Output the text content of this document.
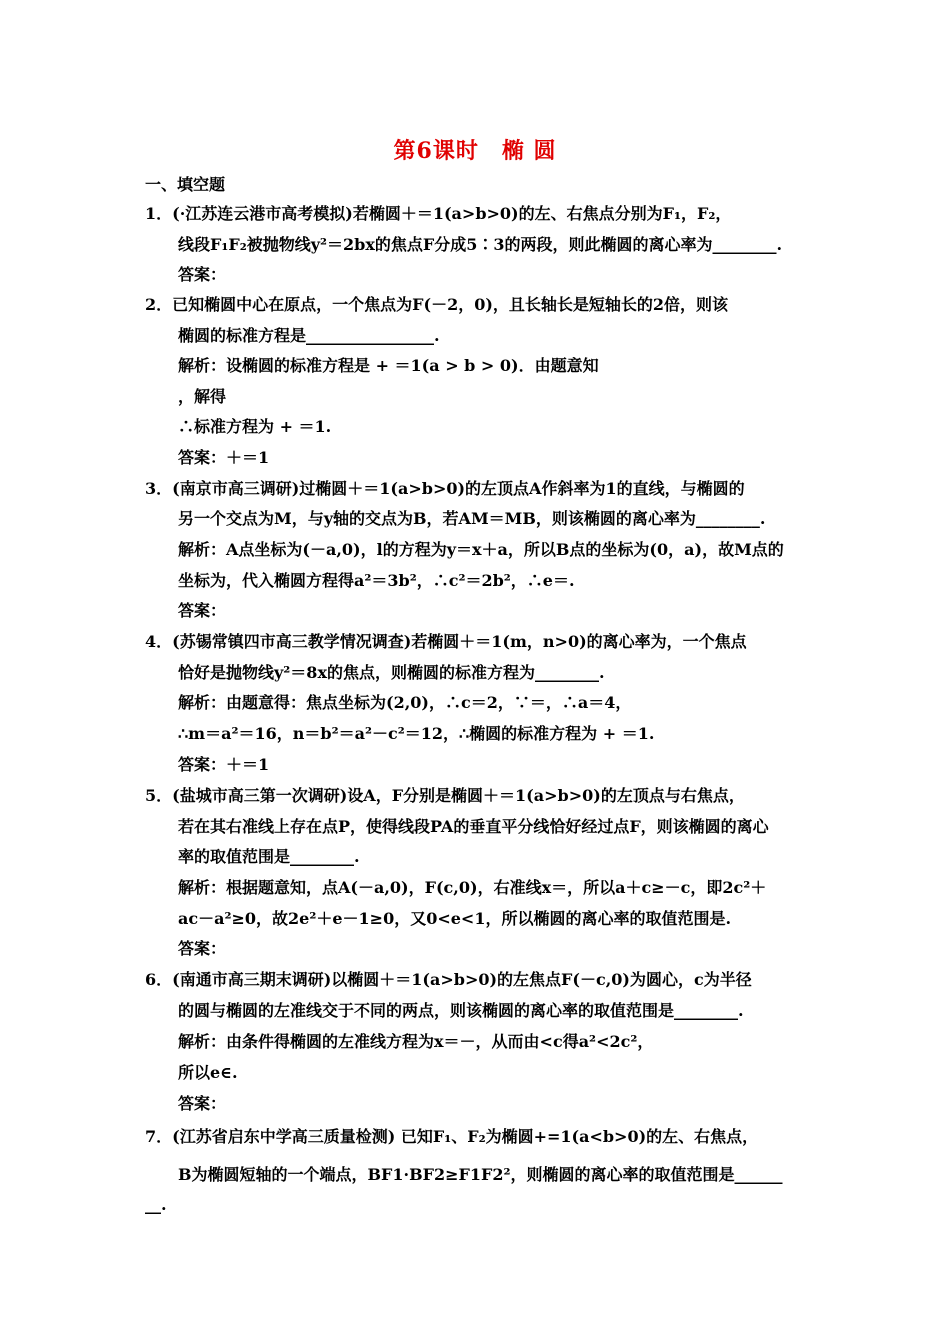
第6课时　椭 圆
一、填空题
1．(·江苏连云港市高考模拟)若椭圆＋＝1(a>b>0)的左、右焦点分别为F₁，F₂，
线段F₁F₂被抛物线y²＝2bx的焦点F分成5∶3的两段，则此椭圆的离心率为________.
答案：
2．已知椭圆中心在原点，一个焦点为F(－2，0)，且长轴长是短轴长的2倍，则该
椭圆的标准方程是________________.
解析：设椭圆的标准方程是 + ＝1(a > b > 0)．由题意知
，解得
∴标准方程为 + ＝1.
答案：＋＝1
3．(南京市高三调研)过椭圆＋＝1(a>b>0)的左顶点A作斜率为1的直线，与椭圆的
另一个交点为M，与y轴的交点为B，若AM＝MB，则该椭圆的离心率为________.
解析：A点坐标为(－a,0)，l的方程为y＝x＋a，所以B点的坐标为(0，a)，故M点的
坐标为，代入椭圆方程得a²＝3b²，∴c²＝2b²，∴e＝.
答案：
4．(苏锡常镇四市高三教学情况调查)若椭圆＋＝1(m，n>0)的离心率为，一个焦点
恰好是抛物线y²＝8x的焦点，则椭圆的标准方程为________.
解析：由题意得：焦点坐标为(2,0)，∴c＝2，∵＝，∴a＝4，
∴m＝a²＝16，n＝b²＝a²－c²＝12，∴椭圆的标准方程为 + ＝1.
答案：＋＝1
5．(盐城市高三第一次调研)设A，F分别是椭圆＋＝1(a>b>0)的左顶点与右焦点，
若在其右准线上存在点P，使得线段PA的垂直平分线恰好经过点F，则该椭圆的离心
率的取值范围是________.
解析：根据题意知，点A(－a,0)，F(c,0)，右准线x＝，所以a＋c≥－c，即2c²＋
ac－a²≥0，故2e²＋e－1≥0，又0<e<1，所以椭圆的离心率的取值范围是.
答案：
6．(南通市高三期末调研)以椭圆＋＝1(a>b>0)的左焦点F(－c,0)为圆心，c为半径
的圆与椭圆的左准线交于不同的两点，则该椭圆的离心率的取值范围是________.
解析：由条件得椭圆的左准线方程为x＝－，从而由<c得a²<2c²，
所以e∈.
答案：
7．(江苏省启东中学高三质量检测) 已知F₁、F₂为椭圆+=1(a<b>0)的左、右焦点，
B为椭圆短轴的一个端点，BF1·BF2≥F1F2²，则椭圆的离心率的取值范围是______
__.
